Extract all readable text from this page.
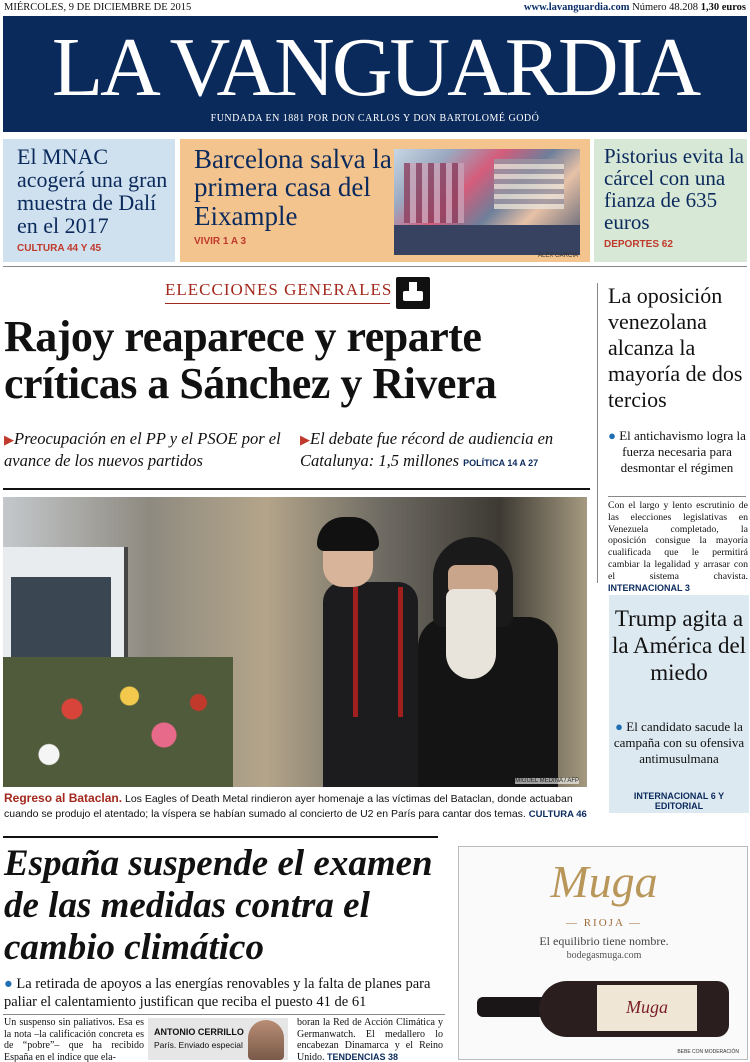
MIÉRCOLES, 9 DE DICIEMBRE DE 2015	www.lavanguardia.com Número 48.208 1,30 euros
LA VANGUARDIA
FUNDADA EN 1881 POR DON CARLOS Y DON BARTOLOMÉ GODÓ
El MNAC acogerá una gran muestra de Dalí en el 2017
CULTURA 44 Y 45
Barcelona salva la primera casa del Eixample
VIVIR 1 A 3
ÀLEX GARCIA
Pistorius evita la cárcel con una fianza de 635 euros
DEPORTES 62
ELECCIONES GENERALES
Rajoy reaparece y reparte críticas a Sánchez y Rivera

▶Preocupación en el PP y el PSOE por el avance de los nuevos partidos

▶El debate fue récord de audiencia en Catalunya: 1,5 millones POLÍTICA 14 A 27

MIGUEL MEDINA / AFP

Regreso al Bataclan. Los Eagles of Death Metal rindieron ayer homenaje a las víctimas del Bataclan, donde actuaban cuando se produjo el atentado; la víspera se habían sumado al concierto de U2 en París para cantar dos temas. CULTURA 46

España suspende el examen de las medidas contra el cambio climático

● La retirada de apoyos a las energías renovables y la falta de planes para paliar el calentamiento justifican que reciba el puesto 41 de 61

Un suspenso sin paliativos. Esa es la nota –la calificación concreta es de “pobre”– que ha recibido España en el índice que ela-

ANTONIO CERRILLO
París. Enviado especial

boran la Red de Acción Climática y Germanwatch. El medallero lo encabezan Dinamarca y el Reino Unido. TENDENCIAS 38

La oposición venezolana alcanza la mayoría de dos tercios

● El antichavismo logra la fuerza necesaria para desmontar el régimen

Con el largo y lento escrutinio de las elecciones legislativas en Venezuela completado, la oposición consigue la mayoría cualificada que le permitirá cambiar la legalidad y arrasar con el sistema chavista. INTERNACIONAL 3

Trump agita a la América del miedo
● El candidato sacude la campaña con su ofensiva antimusulmana
INTERNACIONAL 6 Y EDITORIAL
Muga
— RIOJA —
El equilibrio tiene nombre.
bodegasmuga.com
Muga
BEBE CON MODERACIÓN
